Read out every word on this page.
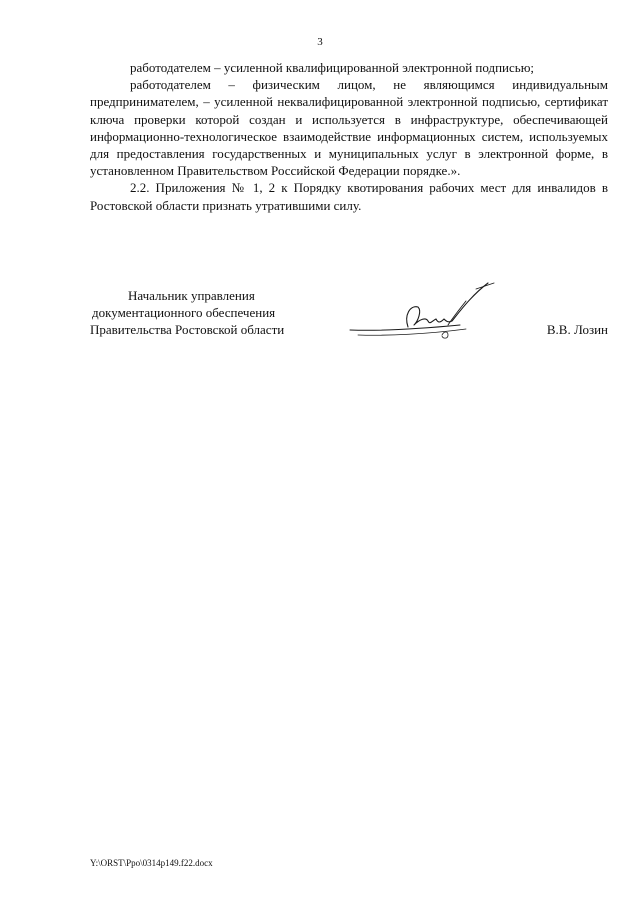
3

работодателем – усиленной квалифицированной электронной подписью;

работодателем – физическим лицом, не являющимся индивидуальным предпринимателем, – усиленной неквалифицированной электронной подписью, сертификат ключа проверки которой создан и используется в инфраструктуре, обеспечивающей информационно-технологическое взаимодействие информационных систем, используемых для предоставления государственных и муниципальных услуг в электронной форме, в установленном Правительством Российской Федерации порядке.».

2.2. Приложения № 1, 2 к Порядку квотирования рабочих мест для инвалидов в Ростовской области признать утратившими силу.

Начальник управления
документационного обеспечения
Правительства Ростовской области	В.В. Лозин
Y:\ORST\Ppo\0314p149.f22.docx
